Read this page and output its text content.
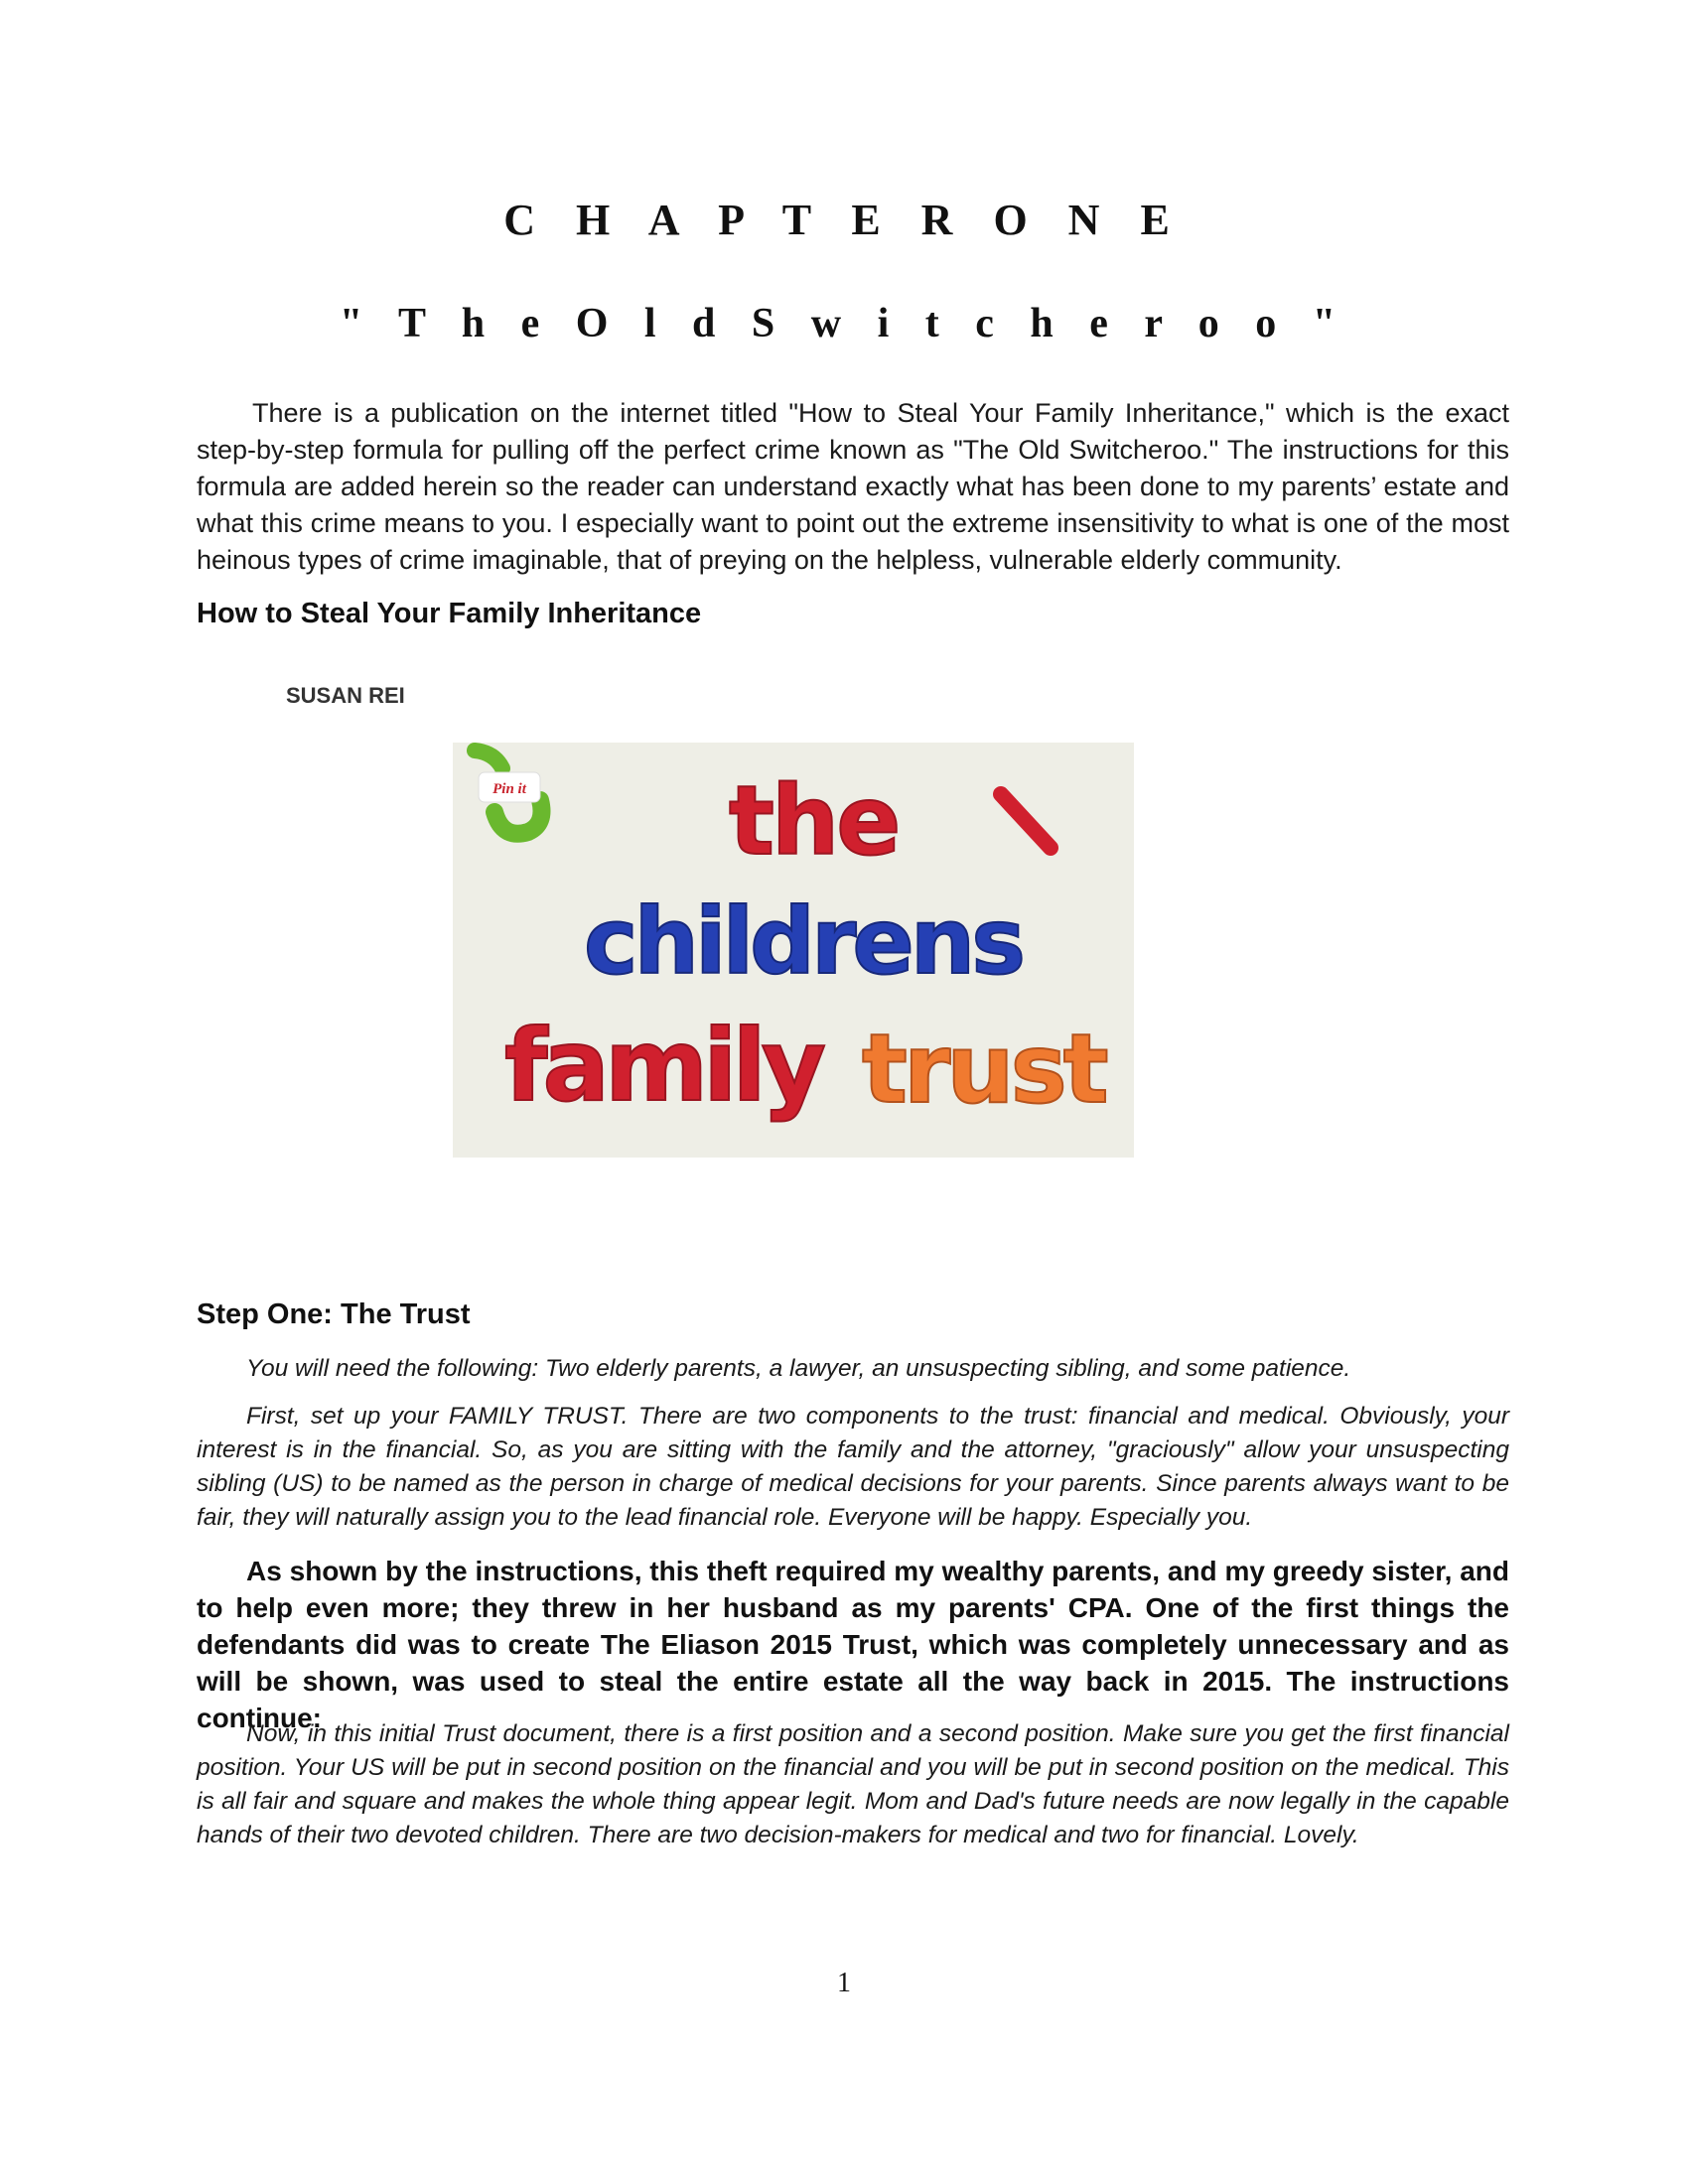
C H A P T E R O N E
" T h e O l d S w i t c h e r o o "

There is a publication on the internet titled "How to Steal Your Family Inheritance," which is the exact step-by-step formula for pulling off the perfect crime known as "The Old Switcheroo." The instructions for this formula are added herein so the reader can understand exactly what has been done to my parents’ estate and what this crime means to you. I especially want to point out the extreme insensitivity to what is one of the most heinous types of crime imaginable, that of preying on the helpless, vulnerable elderly community.

How to Steal Your Family Inheritance

SUSAN REI

Pin it the
childrens
family trust
Step One: The Trust

You will need the following: Two elderly parents, a lawyer, an unsuspecting sibling, and some patience.

First, set up your FAMILY TRUST. There are two components to the trust: financial and medical. Obviously, your interest is in the financial. So, as you are sitting with the family and the attorney, "graciously" allow your unsuspecting sibling (US) to be named as the person in charge of medical decisions for your parents. Since parents always want to be fair, they will naturally assign you to the lead financial role. Everyone will be happy. Especially you.

As shown by the instructions, this theft required my wealthy parents, and my greedy sister, and to help even more; they threw in her husband as my parents' CPA. One of the first things the defendants did was to create The Eliason 2015 Trust, which was completely unnecessary and as will be shown, was used to steal the entire estate all the way back in 2015. The instructions continue:

Now, in this initial Trust document, there is a first position and a second position. Make sure you get the first financial position. Your US will be put in second position on the financial and you will be put in second position on the medical. This is all fair and square and makes the whole thing appear legit. Mom and Dad's future needs are now legally in the capable hands of their two devoted children. There are two decision-makers for medical and two for financial. Lovely.

1
